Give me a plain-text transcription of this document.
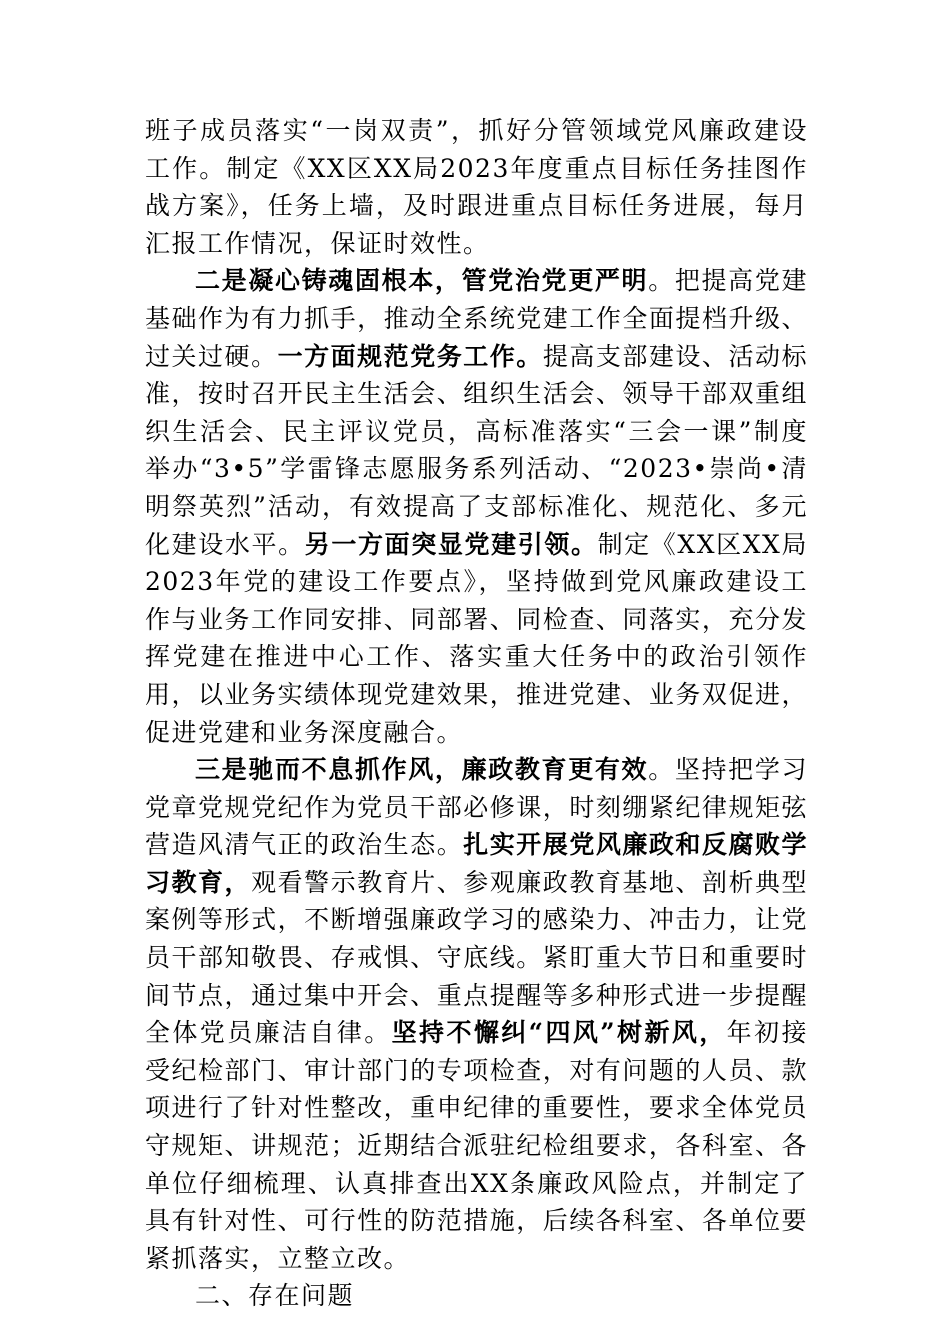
班子成员落实“一岗双责”，抓好分管领域党风廉政建设工作。制定《XX区XX局2023年度重点目标任务挂图作战方案》，任务上墙，及时跟进重点目标任务进展，每月汇报工作情况，保证时效性。

二是凝心铸魂固根本，管党治党更严明。把提高党建基础作为有力抓手，推动全系统党建工作全面提档升级、过关过硬。一方面规范党务工作。提高支部建设、活动标准，按时召开民主生活会、组织生活会、领导干部双重组织生活会、民主评议党员，高标准落实“三会一课”制度举办“3•5”学雷锋志愿服务系列活动、“2023•崇尚•清明祭英烈”活动，有效提高了支部标准化、规范化、多元化建设水平。另一方面突显党建引领。制定《XX区XX局2023年党的建设工作要点》，坚持做到党风廉政建设工作与业务工作同安排、同部署、同检查、同落实，充分发挥党建在推进中心工作、落实重大任务中的政治引领作用，以业务实绩体现党建效果，推进党建、业务双促进，促进党建和业务深度融合。

三是驰而不息抓作风，廉政教育更有效。坚持把学习党章党规党纪作为党员干部必修课，时刻绷紧纪律规矩弦营造风清气正的政治生态。扎实开展党风廉政和反腐败学习教育，观看警示教育片、参观廉政教育基地、剖析典型案例等形式，不断增强廉政学习的感染力、冲击力，让党员干部知敬畏、存戒惧、守底线。紧盯重大节日和重要时间节点，通过集中开会、重点提醒等多种形式进一步提醒全体党员廉洁自律。坚持不懈纠“四风”树新风，年初接受纪检部门、审计部门的专项检查，对有问题的人员、款项进行了针对性整改，重申纪律的重要性，要求全体党员守规矩、讲规范；近期结合派驻纪检组要求，各科室、各单位仔细梳理、认真排查出XX条廉政风险点，并制定了具有针对性、可行性的防范措施，后续各科室、各单位要紧抓落实，立整立改。

二、存在问题
